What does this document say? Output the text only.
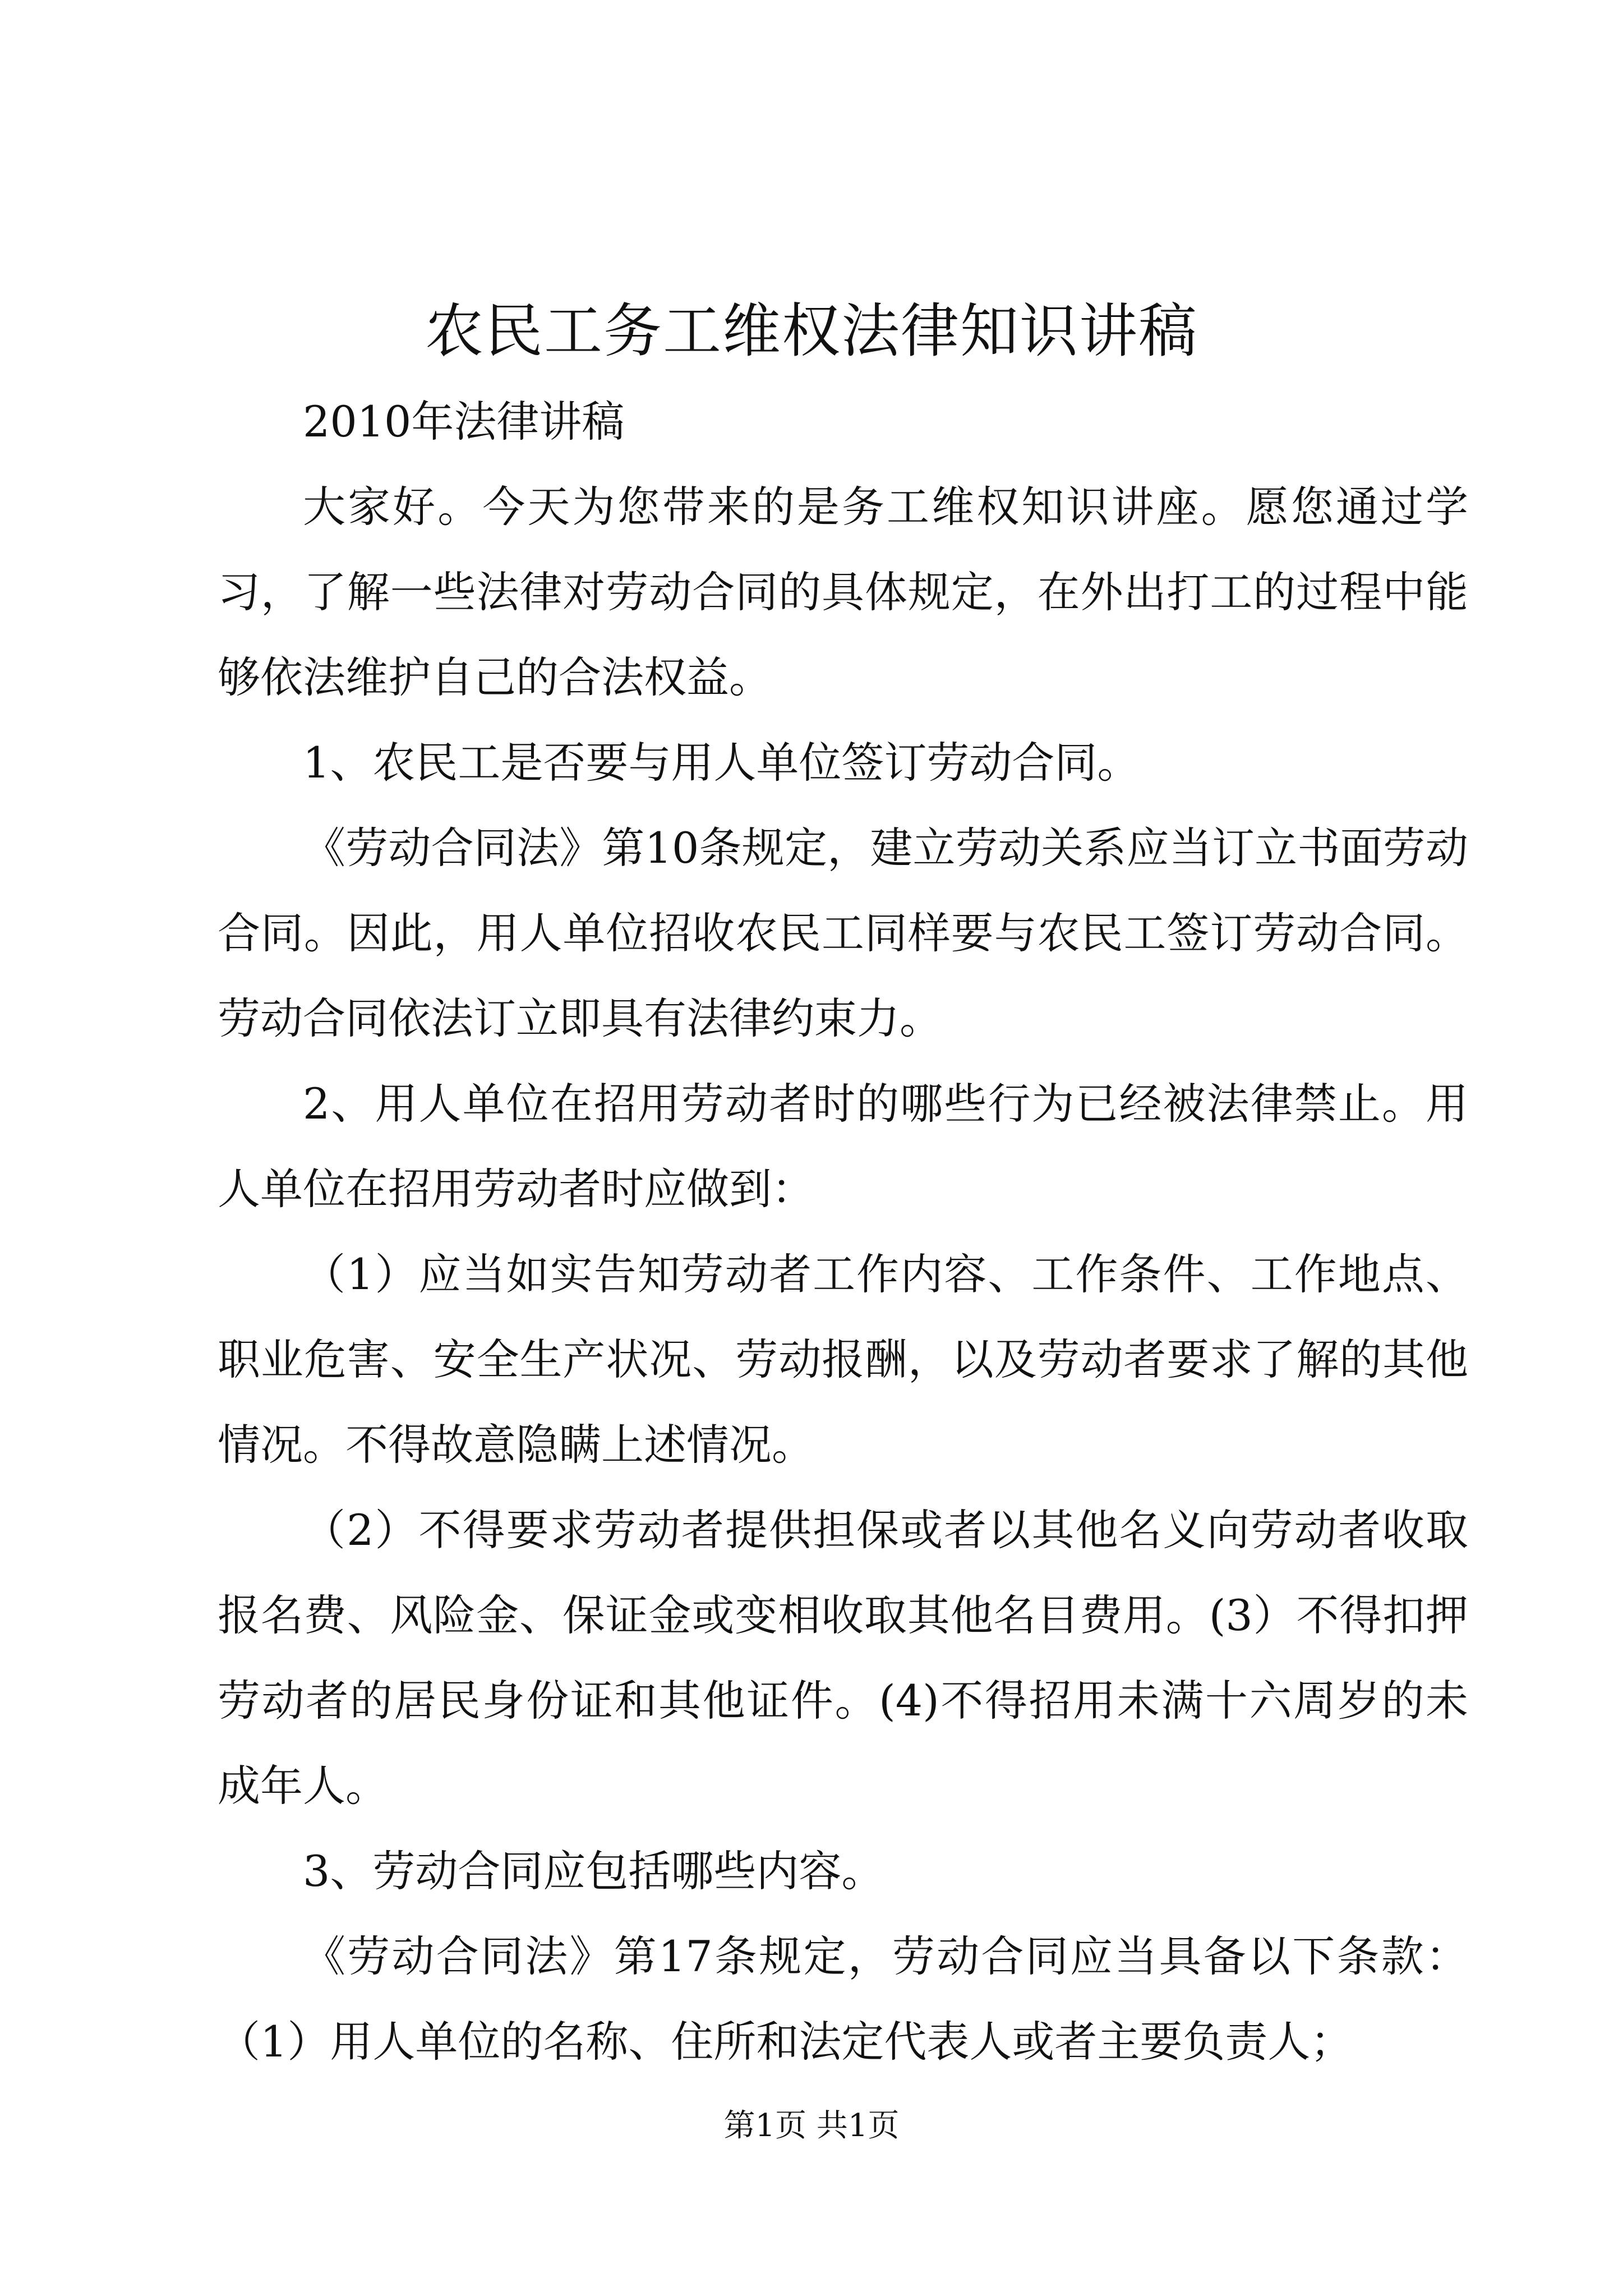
农民工务工维权法律知识讲稿

2010年法律讲稿

大家好。今天为您带来的是务工维权知识讲座。愿您通过学习，了解一些法律对劳动合同的具体规定，在外出打工的过程中能够依法维护自己的合法权益。

1、农民工是否要与用人单位签订劳动合同。

《劳动合同法》第10条规定，建立劳动关系应当订立书面劳动合同。因此，用人单位招收农民工同样要与农民工签订劳动合同。劳动合同依法订立即具有法律约束力。

2、用人单位在招用劳动者时的哪些行为已经被法律禁止。用人单位在招用劳动者时应做到：

（1）应当如实告知劳动者工作内容、工作条件、工作地点、职业危害、安全生产状况、劳动报酬，以及劳动者要求了解的其他情况。不得故意隐瞒上述情况。

（2）不得要求劳动者提供担保或者以其他名义向劳动者收取报名费、风险金、保证金或变相收取其他名目费用。(3）不得扣押劳动者的居民身份证和其他证件。(4)不得招用未满十六周岁的未成年人。

3、劳动合同应包括哪些内容。

《劳动合同法》第17条规定，劳动合同应当具备以下条款：（1）用人单位的名称、住所和法定代表人或者主要负责人；

第1页 共1页
